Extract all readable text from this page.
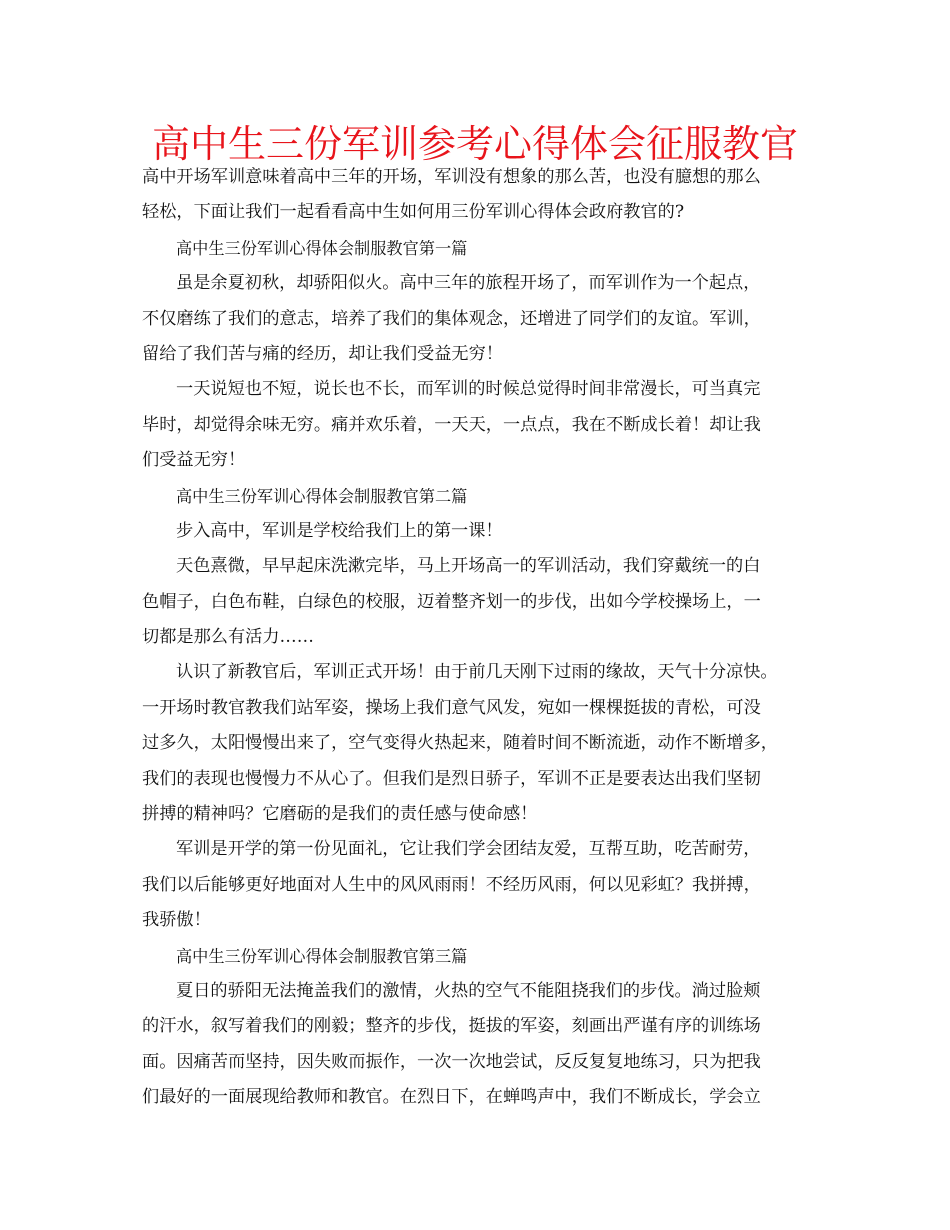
高中生三份军训参考心得体会征服教官
高中开场军训意味着高中三年的开场，军训没有想象的那么苦，也没有臆想的那么
轻松，下面让我们一起看看高中生如何用三份军训心得体会政府教官的?
高中生三份军训心得体会制服教官第一篇
虽是余夏初秋，却骄阳似火。高中三年的旅程开场了，而军训作为一个起点，
不仅磨练了我们的意志，培养了我们的集体观念，还增进了同学们的友谊。军训，
留给了我们苦与痛的经历，却让我们受益无穷！
一天说短也不短，说长也不长，而军训的时候总觉得时间非常漫长，可当真完
毕时，却觉得余味无穷。痛并欢乐着，一天天，一点点，我在不断成长着！却让我
们受益无穷！
高中生三份军训心得体会制服教官第二篇
步入高中，军训是学校给我们上的第一课！
天色熹微，早早起床洗漱完毕，马上开场高一的军训活动，我们穿戴统一的白
色帽子，白色布鞋，白绿色的校服，迈着整齐划一的步伐，出如今学校操场上，一
切都是那么有活力……
认识了新教官后，军训正式开场！由于前几天刚下过雨的缘故，天气十分凉快。
一开场时教官教我们站军姿，操场上我们意气风发，宛如一棵棵挺拔的青松，可没
过多久，太阳慢慢出来了，空气变得火热起来，随着时间不断流逝，动作不断增多，
我们的表现也慢慢力不从心了。但我们是烈日骄子，军训不正是要表达出我们坚韧
拼搏的精神吗？它磨砺的是我们的责任感与使命感！
军训是开学的第一份见面礼，它让我们学会团结友爱，互帮互助，吃苦耐劳，
我们以后能够更好地面对人生中的风风雨雨！不经历风雨，何以见彩虹？我拼搏，
我骄傲！
高中生三份军训心得体会制服教官第三篇
夏日的骄阳无法掩盖我们的激情，火热的空气不能阻挠我们的步伐。淌过脸颊
的汗水，叙写着我们的刚毅；整齐的步伐，挺拔的军姿，刻画出严谨有序的训练场
面。因痛苦而坚持，因失败而振作，一次一次地尝试，反反复复地练习，只为把我
们最好的一面展现给教师和教官。在烈日下，在蝉鸣声中，我们不断成长，学会立
